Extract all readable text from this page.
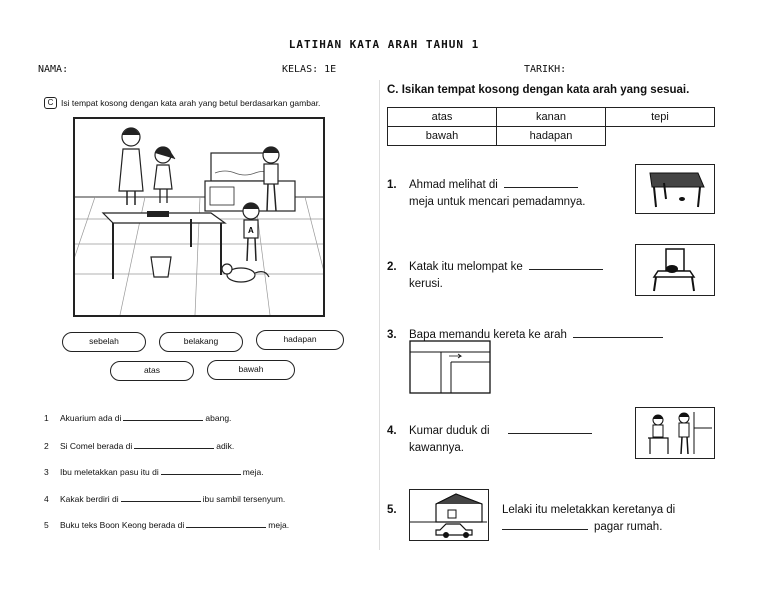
LATIHAN KATA ARAH TAHUN 1
NAMA:	KELAS: 1E	TARIKH:
C Isi tempat kosong dengan kata arah yang betul berdasarkan gambar.
A
sebelah	belakang	hadapan
atas	bawah
1 Akuarium ada di	abang.
2 Si Comel berada di	adik.
3 Ibu meletakkan pasu itu di	meja.
4 Kakak berdiri di	ibu sambil tersenyum.
5 Buku teks Boon Keong berada di	meja.
C. Isikan tempat kosong dengan kata arah yang sesuai.
atas	kanan	tepi
bawah	hadapan	
1. Ahmad melihat di
meja untuk mencari pemadamnya.
2. Katak itu melompat ke
kerusi.
3. Bapa memandu kereta ke arah
4. Kumar duduk di
kawannya.
5.	Lelaki itu meletakkan keretanya di
pagar rumah.
